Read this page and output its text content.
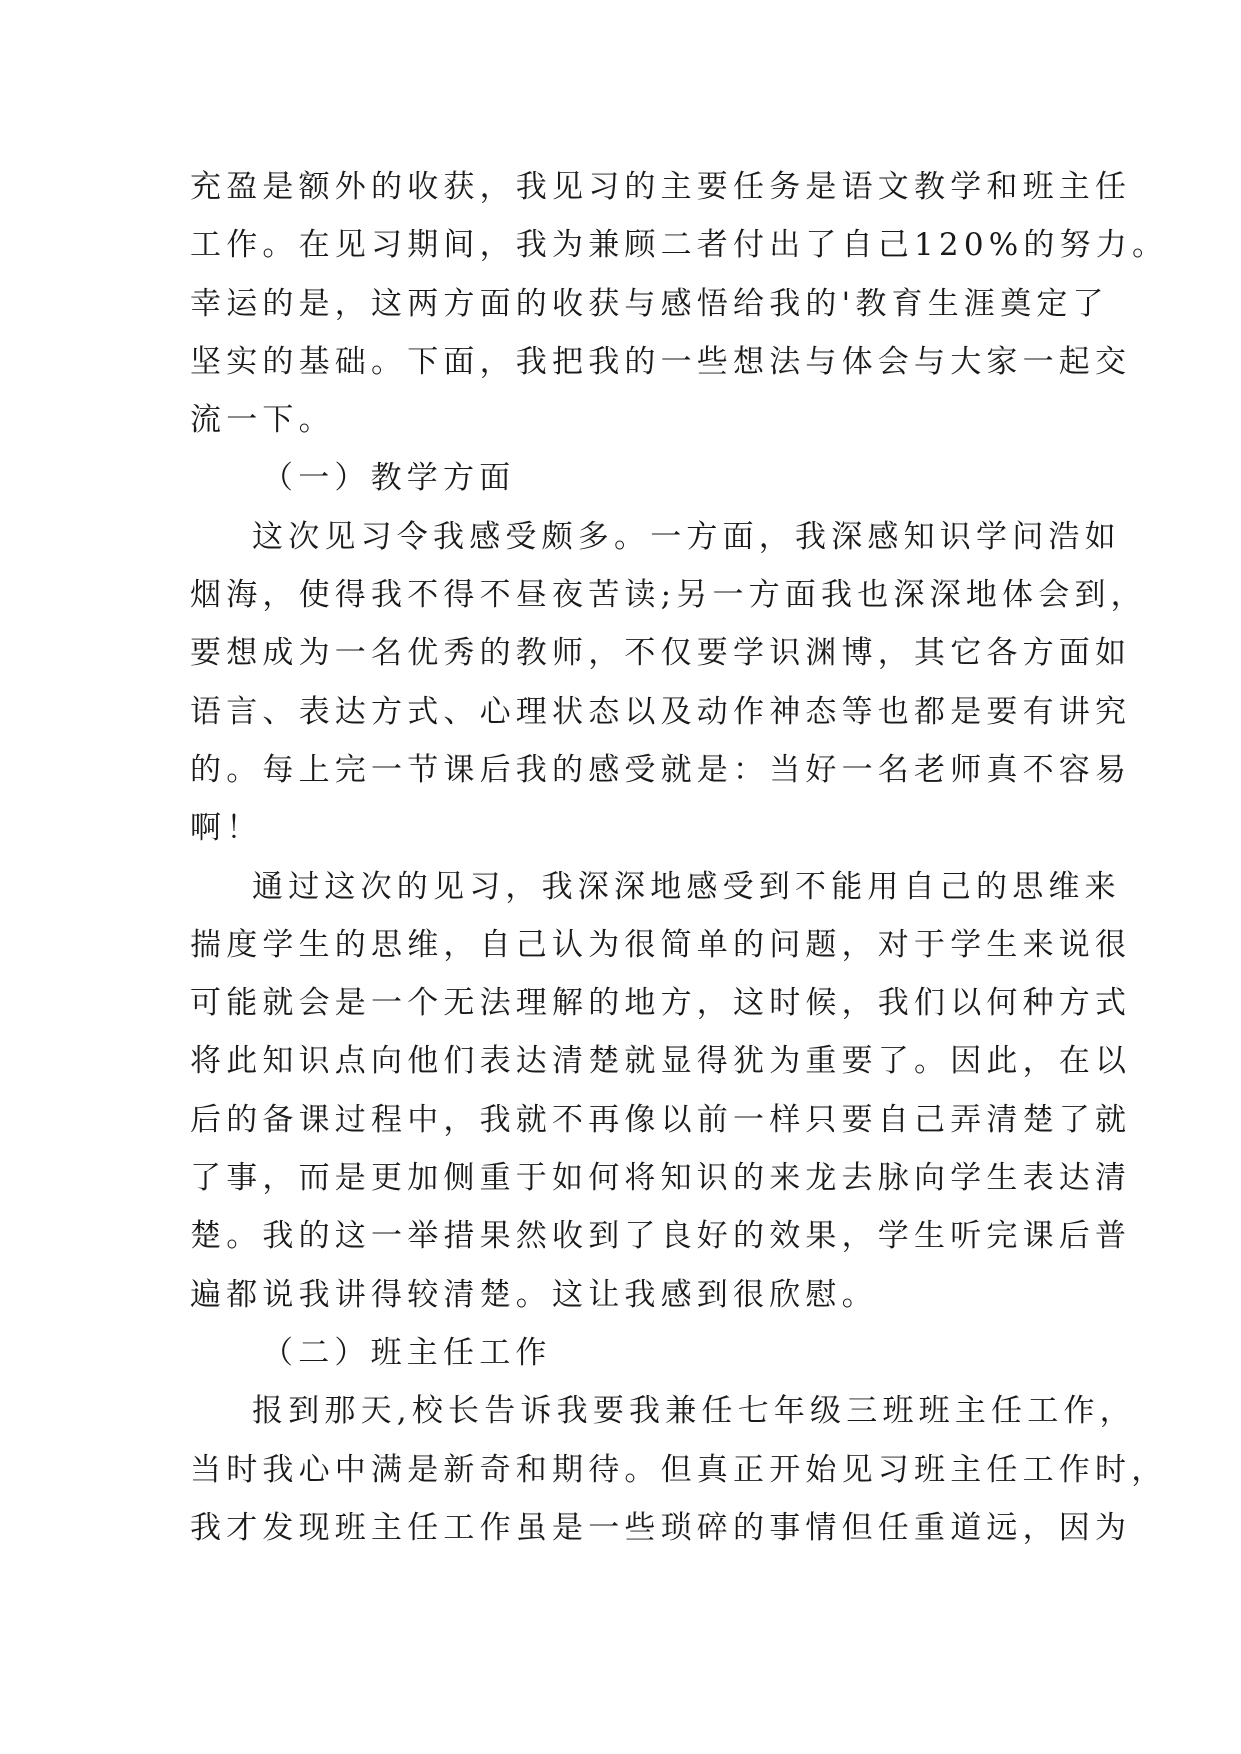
充盈是额外的收获，我见习的主要任务是语文教学和班主任
工作。在见习期间，我为兼顾二者付出了自己120%的努力。
幸运的是，这两方面的收获与感悟给我的'教育生涯奠定了
坚实的基础。下面，我把我的一些想法与体会与大家一起交
流一下。
（一）教学方面
这次见习令我感受颇多。一方面，我深感知识学问浩如
烟海，使得我不得不昼夜苦读;另一方面我也深深地体会到，
要想成为一名优秀的教师，不仅要学识渊博，其它各方面如
语言、表达方式、心理状态以及动作神态等也都是要有讲究
的。每上完一节课后我的感受就是：当好一名老师真不容易
啊！
通过这次的见习，我深深地感受到不能用自己的思维来
揣度学生的思维，自己认为很简单的问题，对于学生来说很
可能就会是一个无法理解的地方，这时候，我们以何种方式
将此知识点向他们表达清楚就显得犹为重要了。因此，在以
后的备课过程中，我就不再像以前一样只要自己弄清楚了就
了事，而是更加侧重于如何将知识的来龙去脉向学生表达清
楚。我的这一举措果然收到了良好的效果，学生听完课后普
遍都说我讲得较清楚。这让我感到很欣慰。
（二）班主任工作
报到那天,校长告诉我要我兼任七年级三班班主任工作，
当时我心中满是新奇和期待。但真正开始见习班主任工作时，
我才发现班主任工作虽是一些琐碎的事情但任重道远，因为
